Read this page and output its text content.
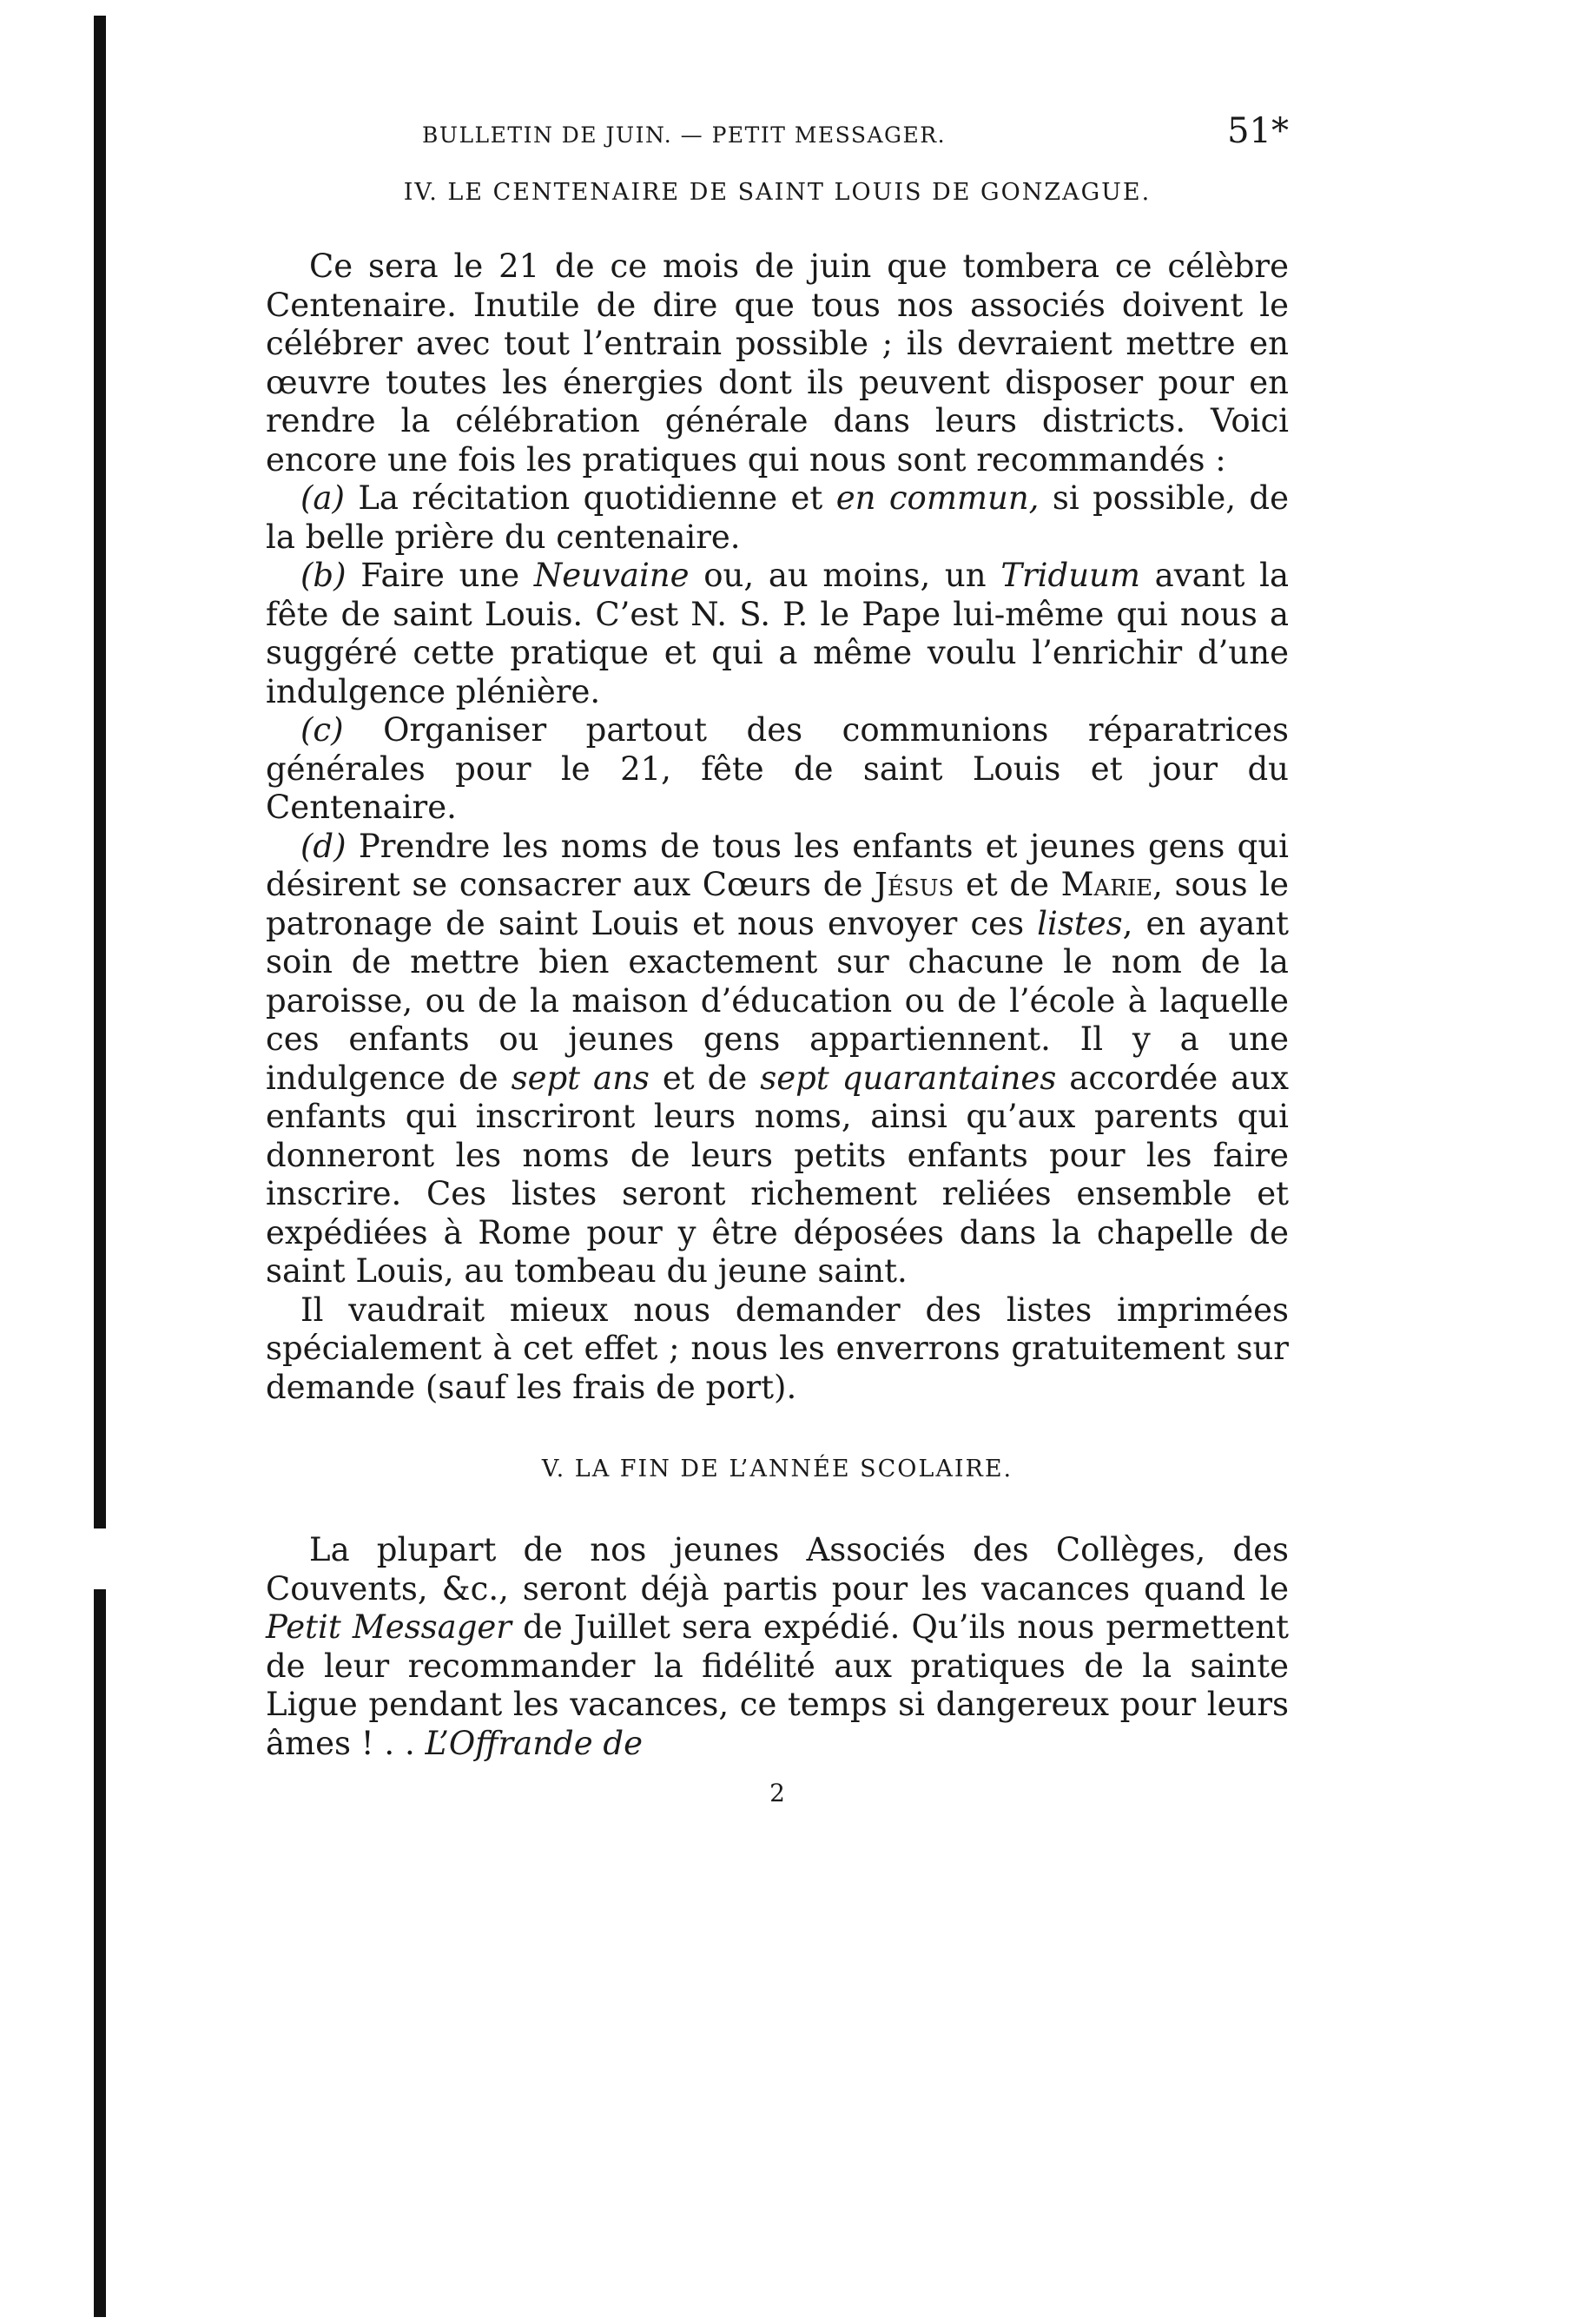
BULLETIN DE JUIN. — PETIT MESSAGER.	51*
IV. LE CENTENAIRE DE SAINT LOUIS DE GONZAGUE.

Ce sera le 21 de ce mois de juin que tombera ce célèbre Centenaire. Inutile de dire que tous nos associés doivent le célébrer avec tout l’entrain possible ; ils devraient mettre en œuvre toutes les énergies dont ils peuvent disposer pour en rendre la célébration générale dans leurs districts. Voici encore une fois les pratiques qui nous sont recommandés :

(a) La récitation quotidienne et en commun, si possible, de la belle prière du centenaire.

(b) Faire une Neuvaine ou, au moins, un Triduum avant la fête de saint Louis. C’est N. S. P. le Pape lui-même qui nous a suggéré cette pratique et qui a même voulu l’enrichir d’une indulgence plénière.

(c) Organiser partout des communions réparatrices générales pour le 21, fête de saint Louis et jour du Centenaire.

(d) Prendre les noms de tous les enfants et jeunes gens qui désirent se consacrer aux Cœurs de Jésus et de Marie, sous le patronage de saint Louis et nous envoyer ces listes, en ayant soin de mettre bien exactement sur chacune le nom de la paroisse, ou de la maison d’éducation ou de l’école à laquelle ces enfants ou jeunes gens appartiennent. Il y a une indulgence de sept ans et de sept quarantaines accordée aux enfants qui inscriront leurs noms, ainsi qu’aux parents qui donneront les noms de leurs petits enfants pour les faire inscrire. Ces listes seront richement reliées ensemble et expédiées à Rome pour y être déposées dans la chapelle de saint Louis, au tombeau du jeune saint.

Il vaudrait mieux nous demander des listes imprimées spécialement à cet effet ; nous les enverrons gratuitement sur demande (sauf les frais de port).

V. LA FIN DE L’ANNÉE SCOLAIRE.

La plupart de nos jeunes Associés des Collèges, des Couvents, &c., seront déjà partis pour les vacances quand le Petit Messager de Juillet sera expédié. Qu’ils nous permettent de leur recommander la fidélité aux pratiques de la sainte Ligue pendant les vacances, ce temps si dangereux pour leurs âmes ! . . L’Offrande de

2
